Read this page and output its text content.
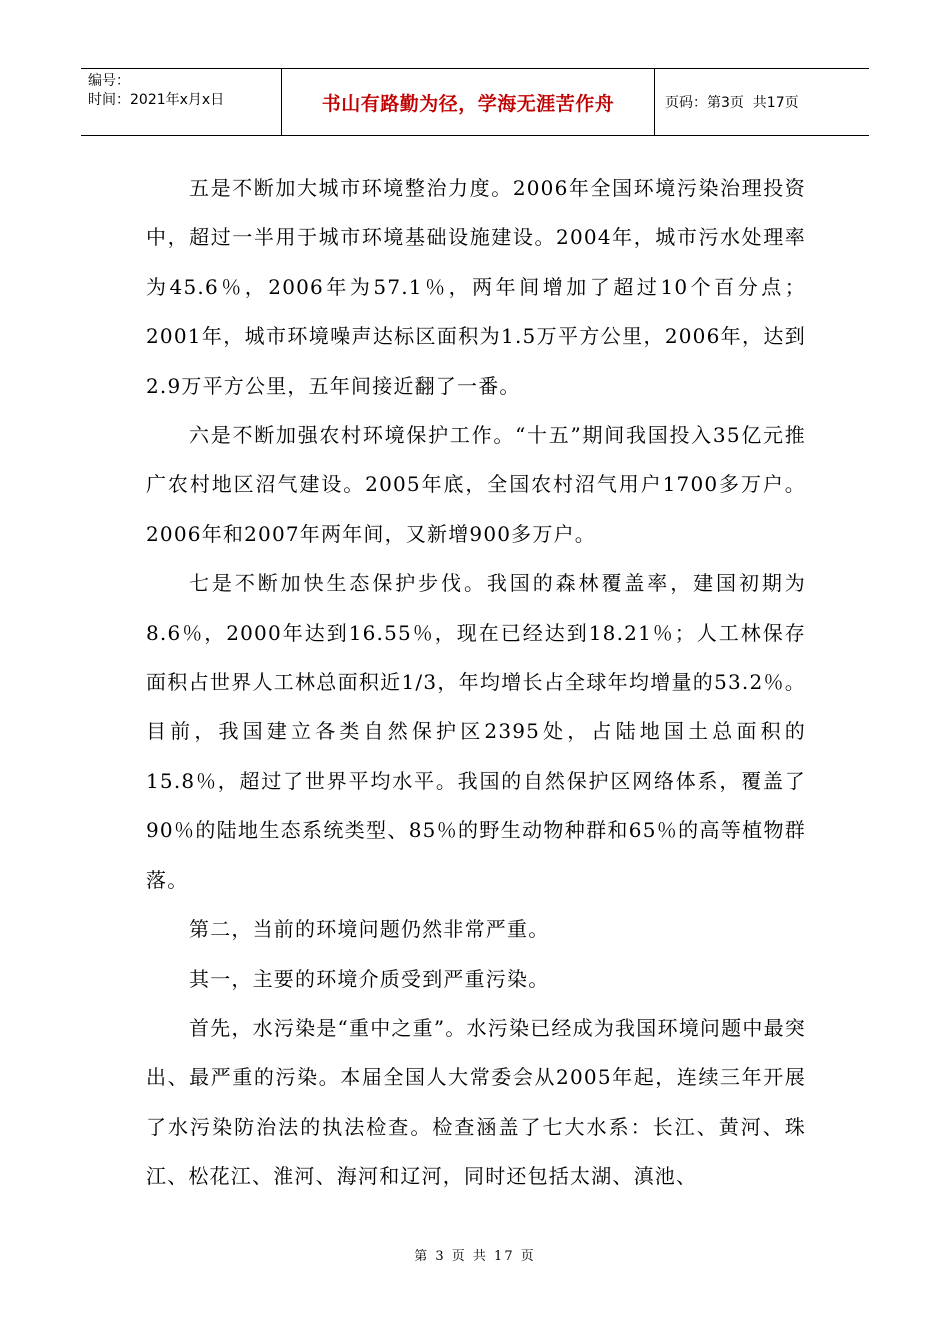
编号：
时间：2021年x月x日	书山有路勤为径，学海无涯苦作舟	页码：第3页  共17页

五是不断加大城市环境整治力度。2006年全国环境污染治理投资中，超过一半用于城市环境基础设施建设。2004年，城市污水处理率为45.6％，2006年为57.1％，两年间增加了超过10个百分点；2001年，城市环境噪声达标区面积为1.5万平方公里，2006年，达到2.9万平方公里，五年间接近翻了一番。

六是不断加强农村环境保护工作。“十五”期间我国投入35亿元推广农村地区沼气建设。2005年底，全国农村沼气用户1700多万户。2006年和2007年两年间，又新增900多万户。

七是不断加快生态保护步伐。我国的森林覆盖率，建国初期为8.6％，2000年达到16.55％，现在已经达到18.21％；人工林保存面积占世界人工林总面积近1/3，年均增长占全球年均增量的53.2％。目前，我国建立各类自然保护区2395处，占陆地国土总面积的15.8％，超过了世界平均水平。我国的自然保护区网络体系，覆盖了90％的陆地生态系统类型、85％的野生动物种群和65％的高等植物群落。

第二，当前的环境问题仍然非常严重。

其一，主要的环境介质受到严重污染。

首先，水污染是“重中之重”。水污染已经成为我国环境问题中最突出、最严重的污染。本届全国人大常委会从2005年起，连续三年开展了水污染防治法的执法检查。检查涵盖了七大水系：长江、黄河、珠江、松花江、淮河、海河和辽河，同时还包括太湖、滇池、

第 3 页 共 17 页
